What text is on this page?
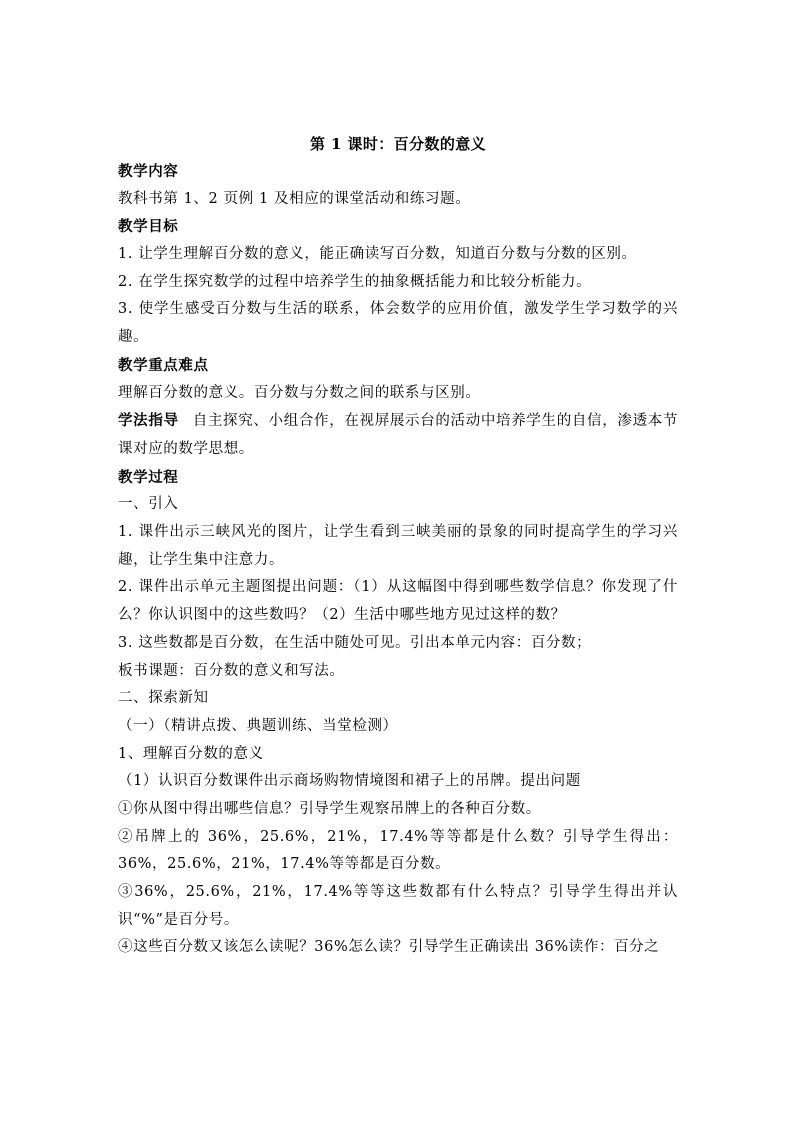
第 1 课时：百分数的意义
教学内容
教科书第 1、2 页例 1 及相应的课堂活动和练习题。
教学目标
1. 让学生理解百分数的意义，能正确读写百分数，知道百分数与分数的区别。
2. 在学生探究数学的过程中培养学生的抽象概括能力和比较分析能力。
3. 使学生感受百分数与生活的联系，体会数学的应用价值，激发学生学习数学的兴趣。
教学重点难点
理解百分数的意义。百分数与分数之间的联系与区别。
学法指导 自主探究、小组合作，在视屏展示台的活动中培养学生的自信，渗透本节课对应的数学思想。
教学过程
一、引入
1. 课件出示三峡风光的图片，让学生看到三峡美丽的景象的同时提高学生的学习兴趣，让学生集中注意力。
2. 课件出示单元主题图提出问题：（1）从这幅图中得到哪些数学信息？你发现了什么？你认识图中的这些数吗？（2）生活中哪些地方见过这样的数？
3. 这些数都是百分数，在生活中随处可见。引出本单元内容：百分数；
板书课题：百分数的意义和写法。
二、探索新知
（一）（精讲点拨、典题训练、当堂检测）
1、理解百分数的意义
（1）认识百分数课件出示商场购物情境图和裙子上的吊牌。提出问题
①你从图中得出哪些信息？引导学生观察吊牌上的各种百分数。
②吊牌上的 36%，25.6%，21%，17.4%等等都是什么数？引导学生得出：36%，25.6%，21%，17.4%等等都是百分数。
③36%，25.6%，21%，17.4%等等这些数都有什么特点？引导学生得出并认识“%”是百分号。
④这些百分数又该怎么读呢？36%怎么读？引导学生正确读出 36%读作：百分之
